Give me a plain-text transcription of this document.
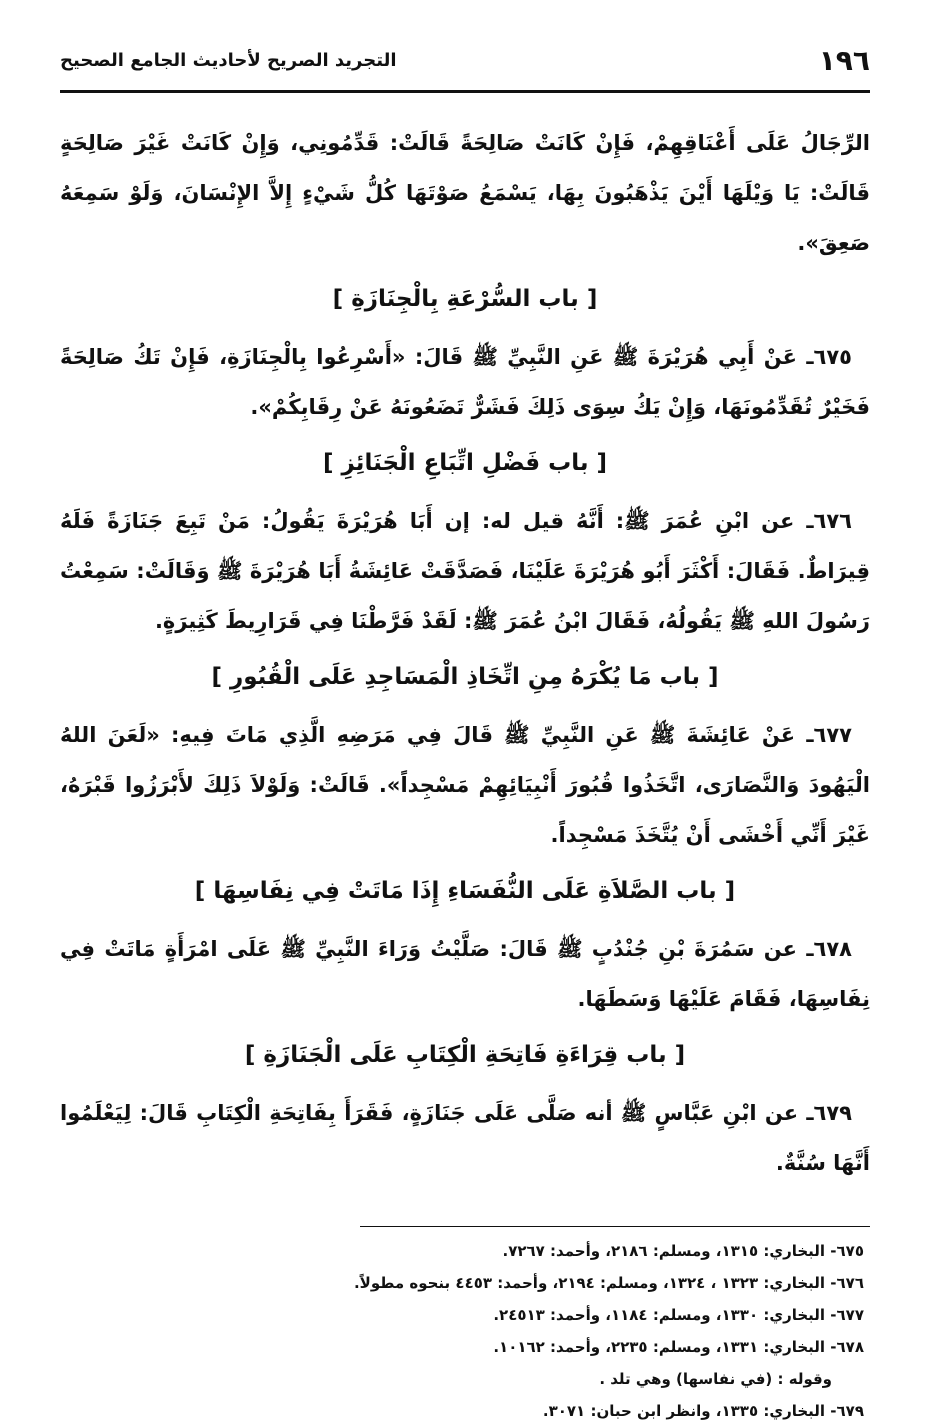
١٩٦
التجريد الصريح لأحاديث الجامع الصحيح

الرِّجَالُ عَلَى أَعْنَاقِهِمْ، فَإِنْ كَانَتْ صَالِحَةً قَالَتْ: قَدِّمُونِي، وَإِنْ كَانَتْ غَيْرَ صَالِحَةٍ قَالَتْ: يَا وَيْلَهَا أَيْنَ يَذْهَبُونَ بِهَا، يَسْمَعُ صَوْتَهَا كُلُّ شَيْءٍ إِلاَّ الإِنْسَانَ، وَلَوْ سَمِعَهُ صَعِقَ».

[ باب السُّرْعَةِ بِالْجِنَازَةِ ]

٦٧٥ـ عَنْ أَبِي هُرَيْرَةَ ﷺ عَنِ النَّبِيِّ ﷺ قَالَ: «أَسْرِعُوا بِالْجِنَازَةِ، فَإِنْ تَكُ صَالِحَةً فَخَيْرٌ تُقَدِّمُونَهَا، وَإِنْ يَكُ سِوَى ذَلِكَ فَشَرٌّ تَضَعُونَهُ عَنْ رِقَابِكُمْ».

[ باب فَضْلِ اتِّبَاعِ الْجَنَائِزِ ]

٦٧٦ـ عن ابْنِ عُمَرَ ﷺ: أَنَّهُ قيل له: إن أَبَا هُرَيْرَةَ يَقُولُ: مَنْ تَبِعَ جَنَازَةً فَلَهُ قِيرَاطٌ. فَقَالَ: أَكْثَرَ أَبُو هُرَيْرَةَ عَلَيْنَا، فَصَدَّقَتْ عَائِشَةُ أَبَا هُرَيْرَةَ ﷺ وَقَالَتْ: سَمِعْتُ رَسُولَ اللهِ ﷺ يَقُولُهُ، فَقَالَ ابْنُ عُمَرَ ﷺ: لَقَدْ فَرَّطْنَا فِي قَرَارِيطَ كَثِيرَةٍ.

[ باب مَا يُكْرَهُ مِنِ اتِّخَاذِ الْمَسَاجِدِ عَلَى الْقُبُورِ ]

٦٧٧ـ عَنْ عَائِشَةَ ﷺ عَنِ النَّبِيِّ ﷺ قَالَ فِي مَرَضِهِ الَّذِي مَاتَ فِيهِ: «لَعَنَ اللهُ الْيَهُودَ وَالنَّصَارَى، اتَّخَذُوا قُبُورَ أَنْبِيَائِهِمْ مَسْجِداً». قَالَتْ: وَلَوْلاَ ذَلِكَ لأَبْرَزُوا قَبْرَهُ، غَيْرَ أَنِّي أَخْشَى أَنْ يُتَّخَذَ مَسْجِداً.

[ باب الصَّلاَةِ عَلَى النُّفَسَاءِ إِذَا مَاتَتْ فِي نِفَاسِهَا ]

٦٧٨ـ عن سَمُرَةَ بْنِ جُنْدُبٍ ﷺ قَالَ: صَلَّيْتُ وَرَاءَ النَّبِيِّ ﷺ عَلَى امْرَأَةٍ مَاتَتْ فِي نِفَاسِهَا، فَقَامَ عَلَيْهَا وَسَطَهَا.

[ باب قِرَاءَةِ فَاتِحَةِ الْكِتَابِ عَلَى الْجَنَازَةِ ]

٦٧٩ـ عن ابْنِ عَبَّاسٍ ﷺ أنه صَلَّى عَلَى جَنَازَةٍ، فَقَرَأَ بِفَاتِحَةِ الْكِتَابِ قَالَ: لِيَعْلَمُوا أَنَّهَا سُنَّةٌ.

٦٧٥- البخاري: ١٣١٥، ومسلم: ٢١٨٦، وأحمد: ٧٢٦٧.

٦٧٦- البخاري: ١٣٢٣ ، ١٣٢٤، ومسلم: ٢١٩٤، وأحمد: ٤٤٥٣ بنحوه مطولاً.

٦٧٧- البخاري: ١٣٣٠، ومسلم: ١١٨٤، وأحمد: ٢٤٥١٣.

٦٧٨- البخاري: ١٣٣١، ومسلم: ٢٢٣٥، وأحمد: ١٠١٦٢.

وقوله : (في نفاسها) وهي تلد .

٦٧٩- البخاري: ١٣٣٥، وانظر ابن حبان: ٣٠٧١.
